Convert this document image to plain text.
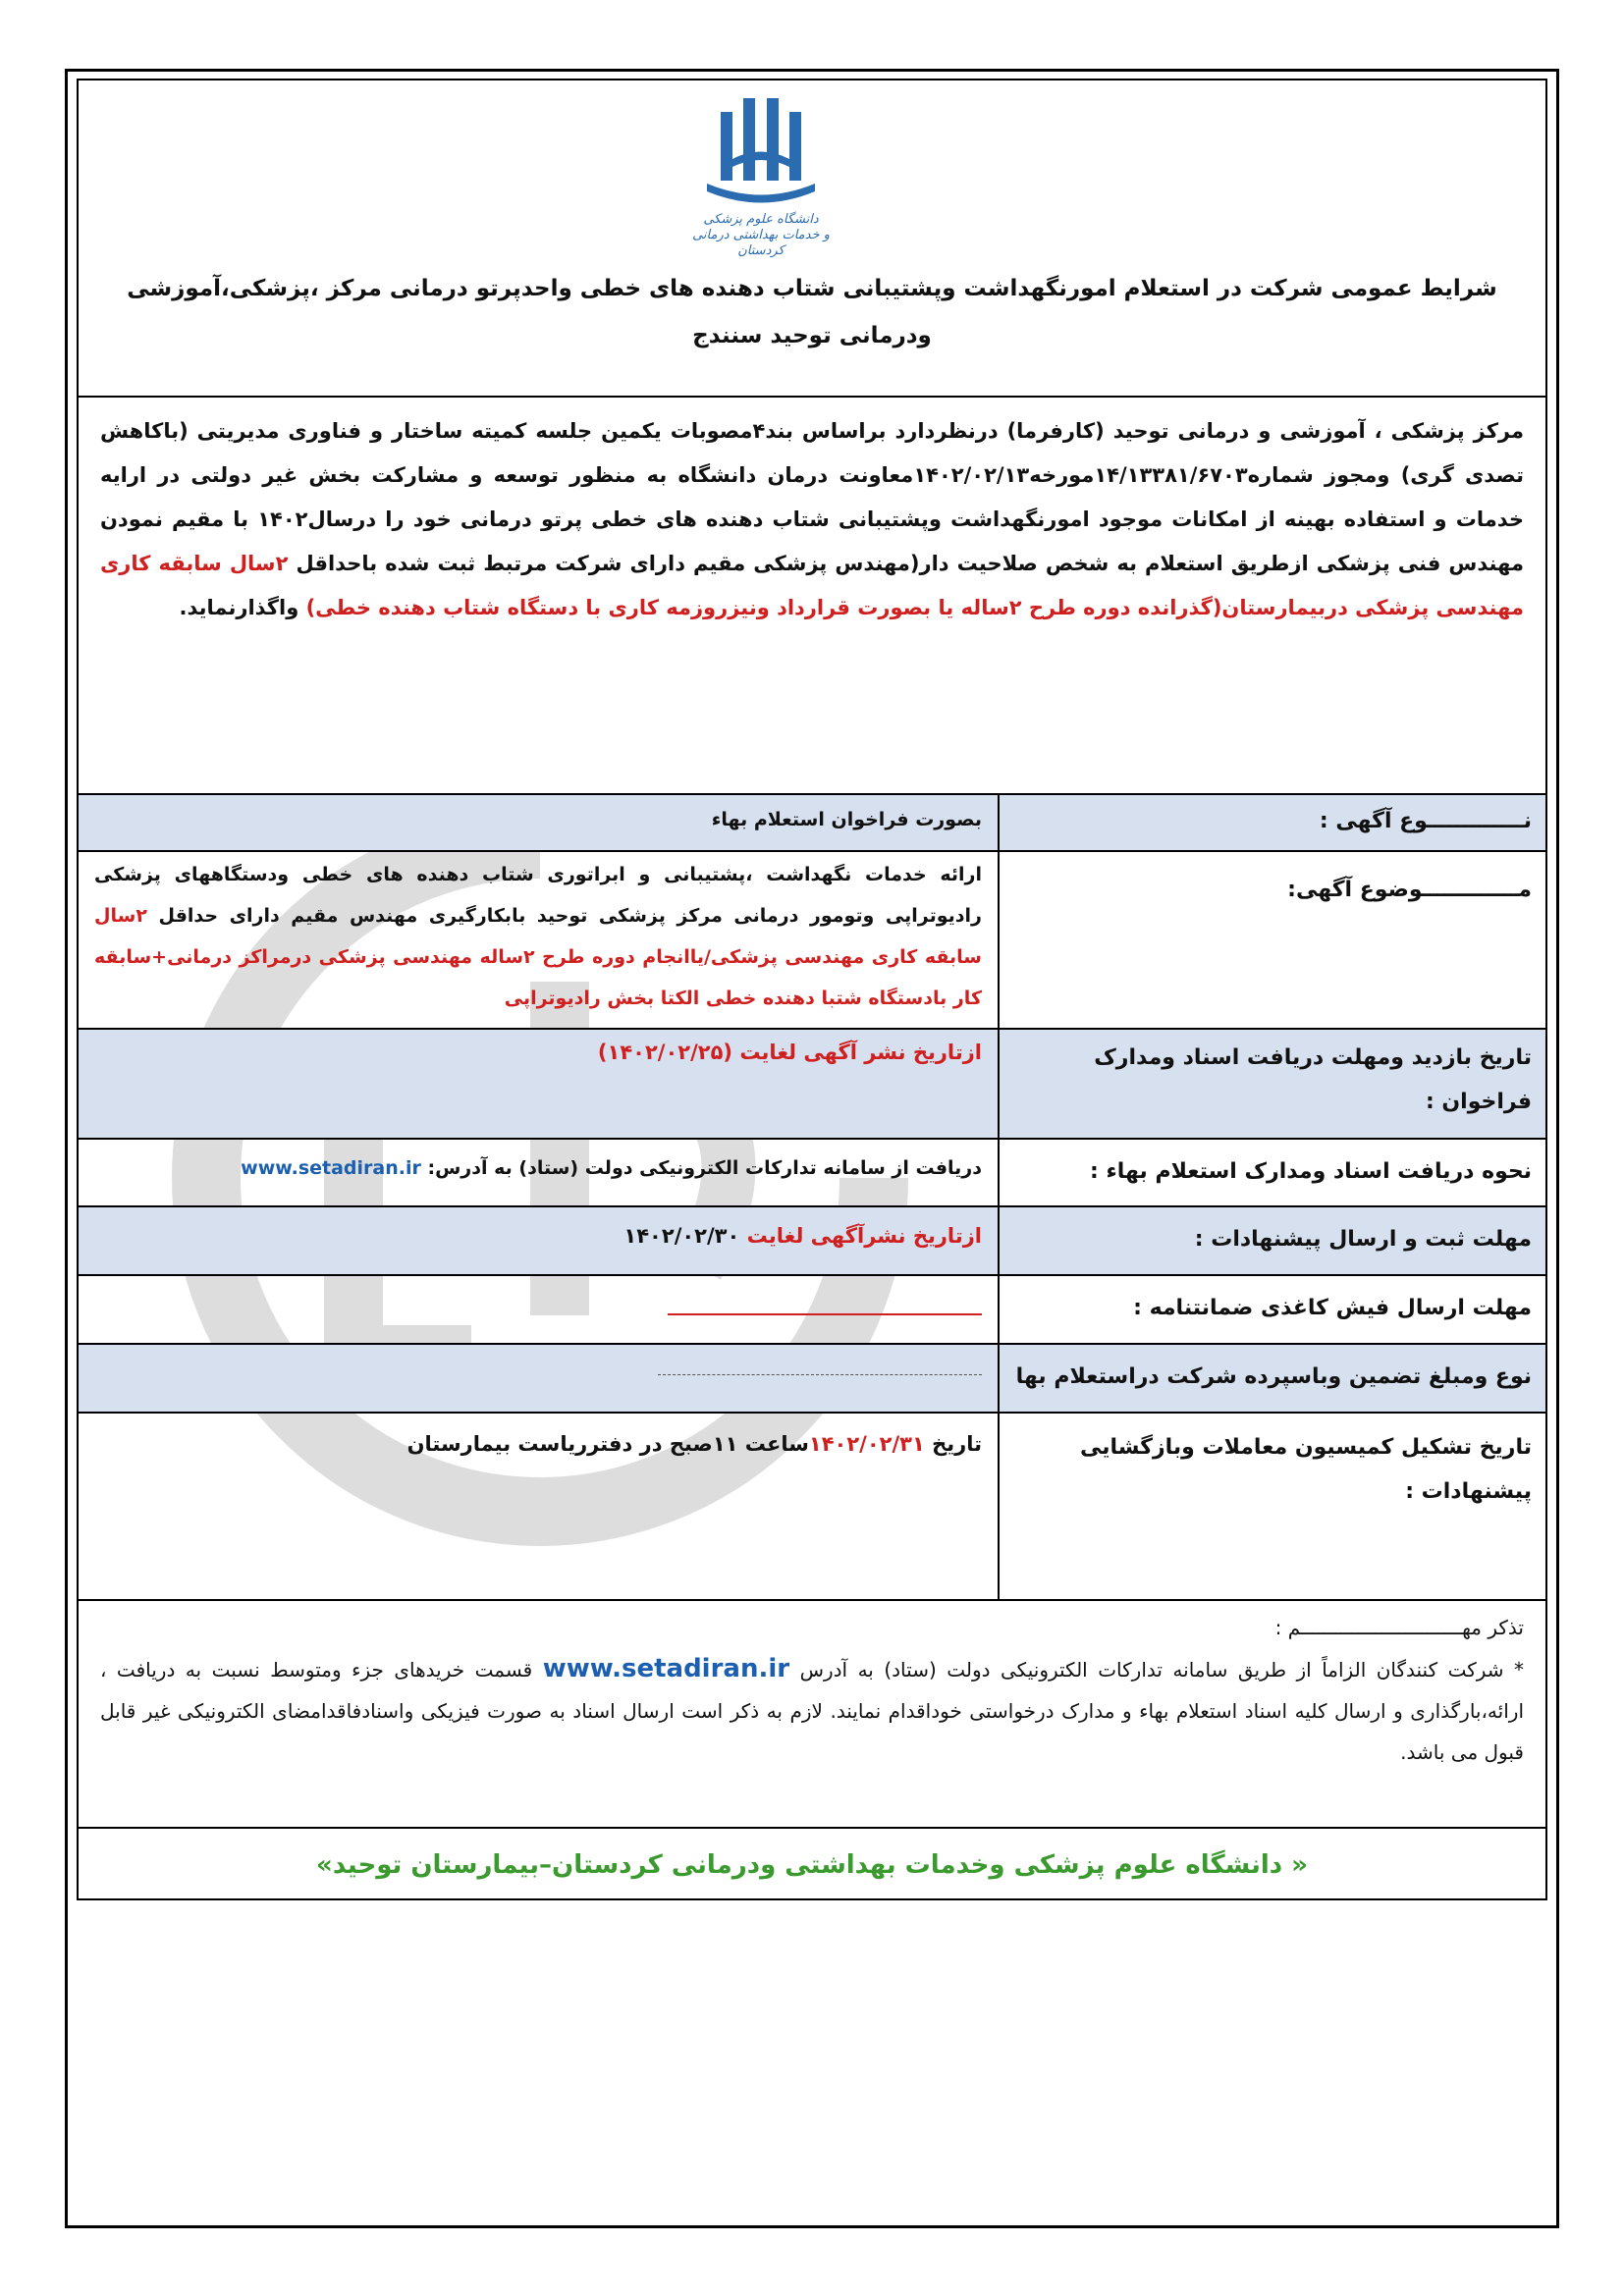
دانشگاه علوم پزشکی
و خدمات بهداشتی درمانی کردستان
شرایط عمومی شرکت در استعلام امورنگهداشت وپشتیبانی شتاب دهنده های خطی واحدپرتو درمانی مرکز ،پزشکی،آموزشی
ودرمانی توحید سنندج
مرکز پزشکی ، آموزشی و درمانی توحید (کارفرما) درنظردارد براساس بند۴مصوبات یکمین جلسه کمیته ساختار و فناوری مدیریتی (باکاهش تصدی گری) ومجوز شماره۱۴/۱۳۳۸۱/۶۷۰۳مورخه۱۴۰۲/۰۲/۱۳معاونت درمان دانشگاه به منظور توسعه و مشارکت بخش غیر دولتی در ارایه خدمات و استفاده بهینه از امکانات موجود امورنگهداشت وپشتیبانی شتاب دهنده های خطی پرتو درمانی خود را درسال۱۴۰۲ با مقیم نمودن مهندس فنی پزشکی ازطریق استعلام به شخص صلاحیت دار(مهندس پزشکی مقیم دارای شرکت مرتبط ثبت شده باحداقل ۲سال سابقه کاری مهندسی پزشکی دربیمارستان(گذرانده دوره طرح ۲ساله یا بصورت قرارداد ونیزروزمه کاری با دستگاه شتاب دهنده خطی) واگذارنماید.
نـــــــــــــوع آگهی :
بصورت فراخوان استعلام بهاء
مـــــــــــــوضوع آگهی:
ارائه خدمات نگهداشت ،پشتیبانی و ابراتوری شتاب دهنده های خطی ودستگاههای پزشکی رادیوتراپی وتومور درمانی مرکز پزشکی توحید بابکارگیری مهندس مقیم دارای حداقل ۲سال سابقه کاری مهندسی پزشکی/یاانجام دوره طرح ۲ساله مهندسی پزشکی درمراکز درمانی+سابقه کار بادستگاه شتبا دهنده خطی الکتا بخش رادیوتراپی
تاریخ بازدید ومهلت دریافت اسناد ومدارک فراخوان :
ازتاریخ نشر آگهی لغایت (۱۴۰۲/۰۲/۲۵)
نحوه دریافت اسناد ومدارک استعلام بهاء :
دریافت از سامانه تدارکات الکترونیکی دولت (ستاد) به آدرس: www.setadiran.ir
مهلت ثبت و ارسال پیشنهادات :
ازتاریخ نشرآگهی لغایت ۱۴۰۲/۰۲/۳۰
مهلت ارسال فیش کاغذی ضمانتنامه :
نوع ومبلغ تضمین وباسپرده شرکت دراستعلام بها
تاریخ تشکیل کمیسیون معاملات وبازگشایی پیشنهادات :
تاریخ ۱۴۰۲/۰۲/۳۱ساعت ۱۱صبح در دفترریاست بیمارستان
تذکر مهــــــــــــــــــــــــــــم :
* شرکت کنندگان الزاماً از طریق سامانه تدارکات الکترونیکی دولت (ستاد) به آدرس www.setadiran.ir قسمت خریدهای جزء ومتوسط نسبت به دریافت ، ارائه،بارگذاری و ارسال کلیه اسناد استعلام بهاء و مدارک درخواستی خوداقدام نمایند. لازم به ذکر است ارسال اسناد به صورت فیزیکی واسنادفاقدامضای الکترونیکی غیر قابل قبول می باشد.
« دانشگاه علوم پزشکی وخدمات بهداشتی ودرمانی کردستان–بیمارستان توحید»
